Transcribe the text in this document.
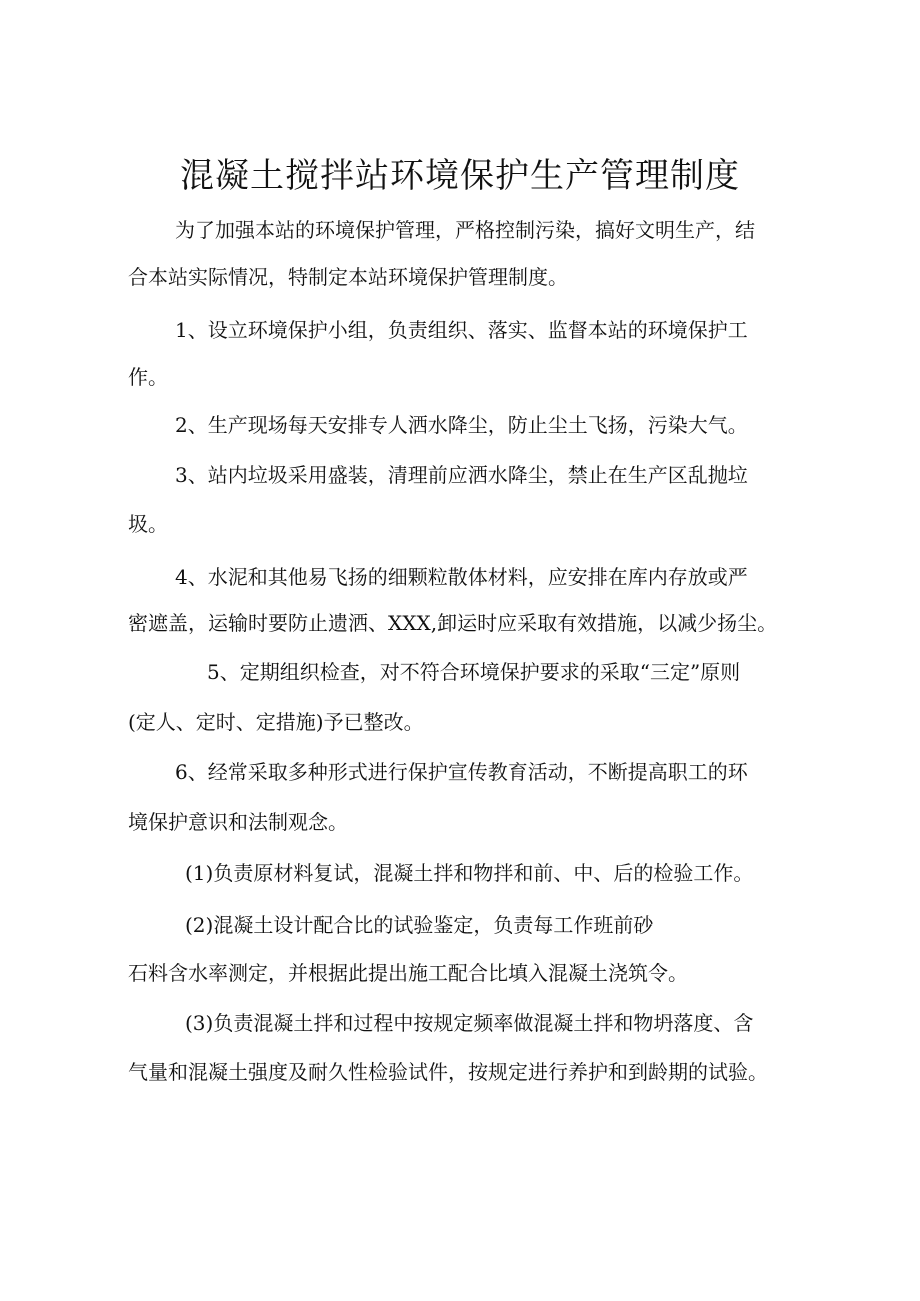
混凝土搅拌站环境保护生产管理制度
为了加强本站的环境保护管理，严格控制污染，搞好文明生产，结
合本站实际情况，特制定本站环境保护管理制度。
1、设立环境保护小组，负责组织、落实、监督本站的环境保护工
作。
2、生产现场每天安排专人洒水降尘，防止尘土飞扬，污染大气。
3、站内垃圾采用盛装，清理前应洒水降尘，禁止在生产区乱抛垃
圾。
4、水泥和其他易飞扬的细颗粒散体材料，应安排在库内存放或严
密遮盖，运输时要防止遗洒、XXX,卸运时应采取有效措施，以减少扬尘。
5、定期组织检查，对不符合环境保护要求的采取“三定”原则
(定人、定时、定措施)予已整改。
6、经常采取多种形式进行保护宣传教育活动，不断提高职工的环
境保护意识和法制观念。
(1)负责原材料复试，混凝土拌和物拌和前、中、后的检验工作。
(2)混凝土设计配合比的试验鉴定，负责每工作班前砂
石料含水率测定，并根据此提出施工配合比填入混凝土浇筑令。
(3)负责混凝土拌和过程中按规定频率做混凝土拌和物坍落度、含
气量和混凝土强度及耐久性检验试件，按规定进行养护和到龄期的试验。
